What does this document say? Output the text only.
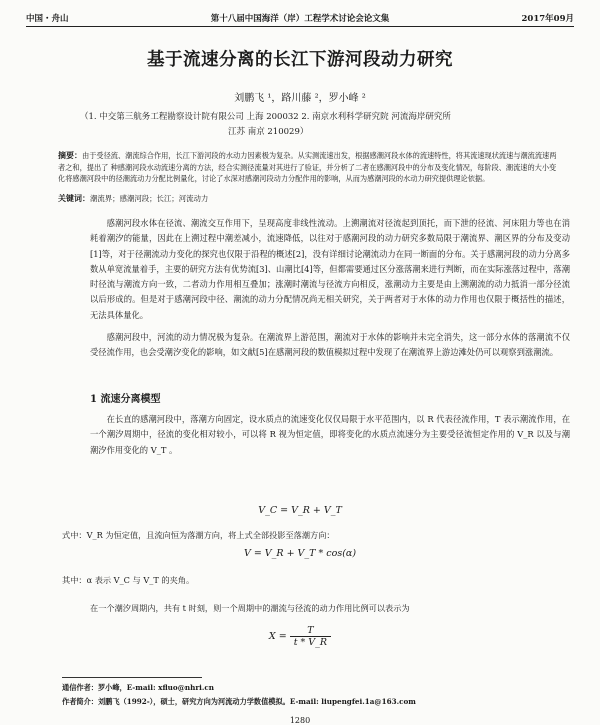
中国・舟山	第十八届中国海洋（岸）工程学术讨论会论文集	2017年09月
基于流速分离的长江下游河段动力研究
刘鹏飞 ¹，路川藤 ²，罗小峰 ²
（1. 中交第三航务工程勘察设计院有限公司 上海 200032 2. 南京水利科学研究院 河流海岸研究所
江苏 南京 210029）
摘要：由于受径流、潮流综合作用，长江下游河段的水动力因素极为复杂。从实测流速出发，根据感潮河段水体的流速特性，将其流速现状流速与潮流流速两者之和，提出了 种感潮河段水动流速分离的方法，经合实测径流量对其进行了验证，并分析了二者在感潮河段中的分布及变化情况，每阶段、潮流速的大小变化将感潮河段中的径潮流动力分配比例量化，讨论了水深对感潮河段动力分配作用的影响，从而为感潮河段的水动力研究提供理论依据。
关键词：潮流界；感潮河段；长江；河流动力
感潮河段水体在径流、潮流交互作用下，呈现高度非线性流动。上溯潮流对径流起到顶托，而下泄的径流、河床阻力等也在消耗着潮汐的能量，因此在上溯过程中潮差减小，流速降低，以往对于感潮河段的动力研究多数局限于潮流界、潮区界的分布及变动[1]等，对于径潮流动力变化的探究也仅限于沿程的概述[2]，没有详细讨论潮流动力在同一断面的分布。关于感潮河段的动力分离多数从单宽流量着手，主要的研究方法有优势流[3]、山潮比[4]等，但都需要通过区分涨落潮来进行判断，而在实际涨落过程中，落潮时径流与潮流方向一致，二者动力作用相互叠加；涨潮时潮流与径流方向相反，涨潮动力主要是由上溯潮流的动力抵消一部分径流以后形成的。但是对于感潮河段中径、潮流的动力分配情况尚无相关研究，关于两者对于水体的动力作用也仅限于概括性的描述，无法具体量化。
感潮河段中，河流的动力情况极为复杂。在潮流界上游范围，潮流对于水体的影响并未完全消失，这一部分水体的落潮流不仅受径流作用，也会受潮汐变化的影响，如文献[5]在感潮河段的数值模拟过程中发现了在潮流界上游边滩处仍可以观察到涨潮流。
1 流速分离模型
在长直的感潮河段中，落潮方向固定，设水质点的流速变化仅仅局限于水平范围内，以 R 代表径流作用，T 表示潮流作用，在一个潮汐周期中，径流的变化相对较小，可以将 R 视为恒定值，即将变化的水质点流速分为主要受径流恒定作用的 V_R 以及与潮潮汐作用变化的 V_T 。
V_C = V_R + V_T
式中：V_R 为恒定值，且流向恒为落潮方向，将上式全部投影至落潮方向：
V = V_R + V_T * cos(α)
其中：α 表示 V_C 与 V_T 的夹角。
在一个潮汐周期内，共有 t 时刻，则一个周期中的潮流与径流的动力作用比例可以表示为
$X = \frac{T}{t * V\_R}$
通信作者：罗小峰，E-mail: xfluo@nhri.cn
作者简介：刘鹏飞（1992-），硕士，研究方向为河流动力学数值模拟。E-mail: liupengfei.1a@163.com
1280
